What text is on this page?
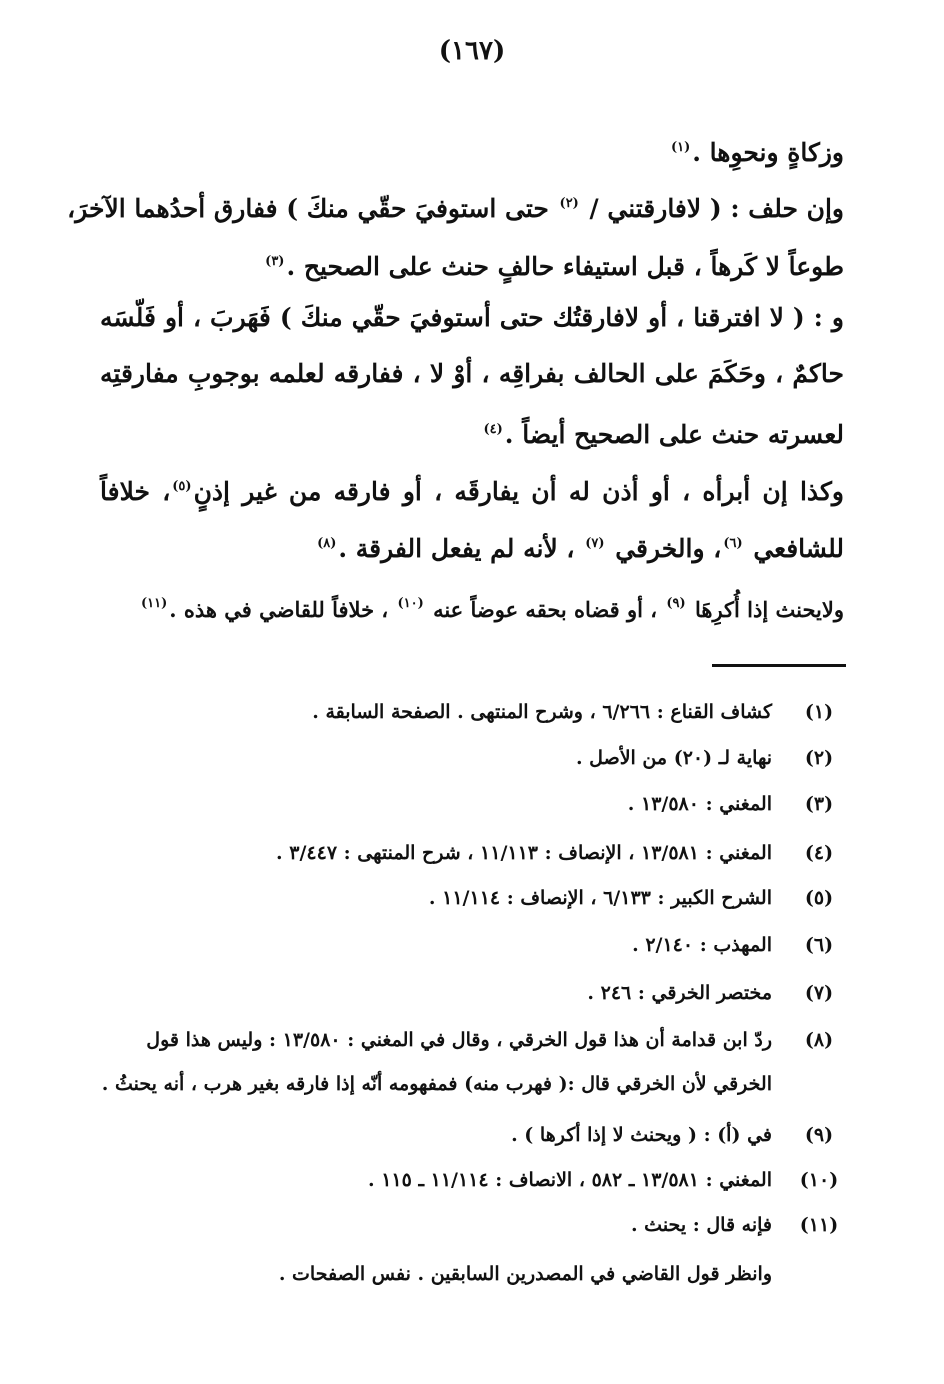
(١٦٧)
وزكاةٍ ونحوِها .$^{(١)}$
وإن حلف : ( لافارقتني / $^{(٢)}$ حتى استوفيَ حقّي منكَ ) ففارق أحدُهما الآخرَ،
طوعاً لا كَرهاً ، قبل استيفاء حالفٍ حنث على الصحيح .$^{(٣)}$
و : ( لا افترقنا ، أو لافارقتُك حتى أستوفيَ حقّي منكَ ) فَهَربَ ، أو فَلّسَه
حاكمٌ ، وحَكَمَ على الحالف بفراقِه ، أوْ لا ، ففارقه لعلمه بوجوبِ مفارقتِه
لعسرته حنث على الصحيح أيضاً .$^{(٤)}$
وكذا إن أبرأه ، أو أذن له أن يفارقَه ، أو فارقه من غير إذنٍ$^{(٥)}$، خلافاً
للشافعي $^{(٦)}$، والخرقي $^{(٧)}$ ، لأنه لم يفعل الفرقة .$^{(٨)}$
ولايحنث إذا أُكرِهَا $^{(٩)}$ ، أو قضاه بحقه عوضاً عنه $^{(١٠)}$ ، خلافاً للقاضي في هذه .$^{(١١)}$
(١)كشاف القناع : ٦/٢٦٦ ، وشرح المنتهى . الصفحة السابقة .
(٢)نهاية لـ (٢٠) من الأصل .
(٣)المغني : ١٣/٥٨٠ .
(٤)المغني : ١٣/٥٨١ ، الإنصاف : ١١/١١٣ ، شرح المنتهى : ٣/٤٤٧ .
(٥)الشرح الكبير : ٦/١٣٣ ، الإنصاف : ١١/١١٤ .
(٦)المهذب : ٢/١٤٠ .
(٧)مختصر الخرقي : ٢٤٦ .
(٨)ردّ ابن قدامة أن هذا قول الخرقي ، وقال في المغني : ١٣/٥٨٠ : وليس هذا قول
الخرقي لأن الخرقي قال :( فهرب منه) فمفهومه أنّه إذا فارقه بغير هرب ، أنه يحنثُ .
(٩)في (أ) : ( ويحنث لا إذا أكرها ) .
(١٠)المغني : ١٣/٥٨١ ـ ٥٨٢ ، الانصاف : ١١/١١٤ ـ ١١٥ .
(١١)فإنه قال : يحنث .
وانظر قول القاضي في المصدرين السابقين . نفس الصفحات .
